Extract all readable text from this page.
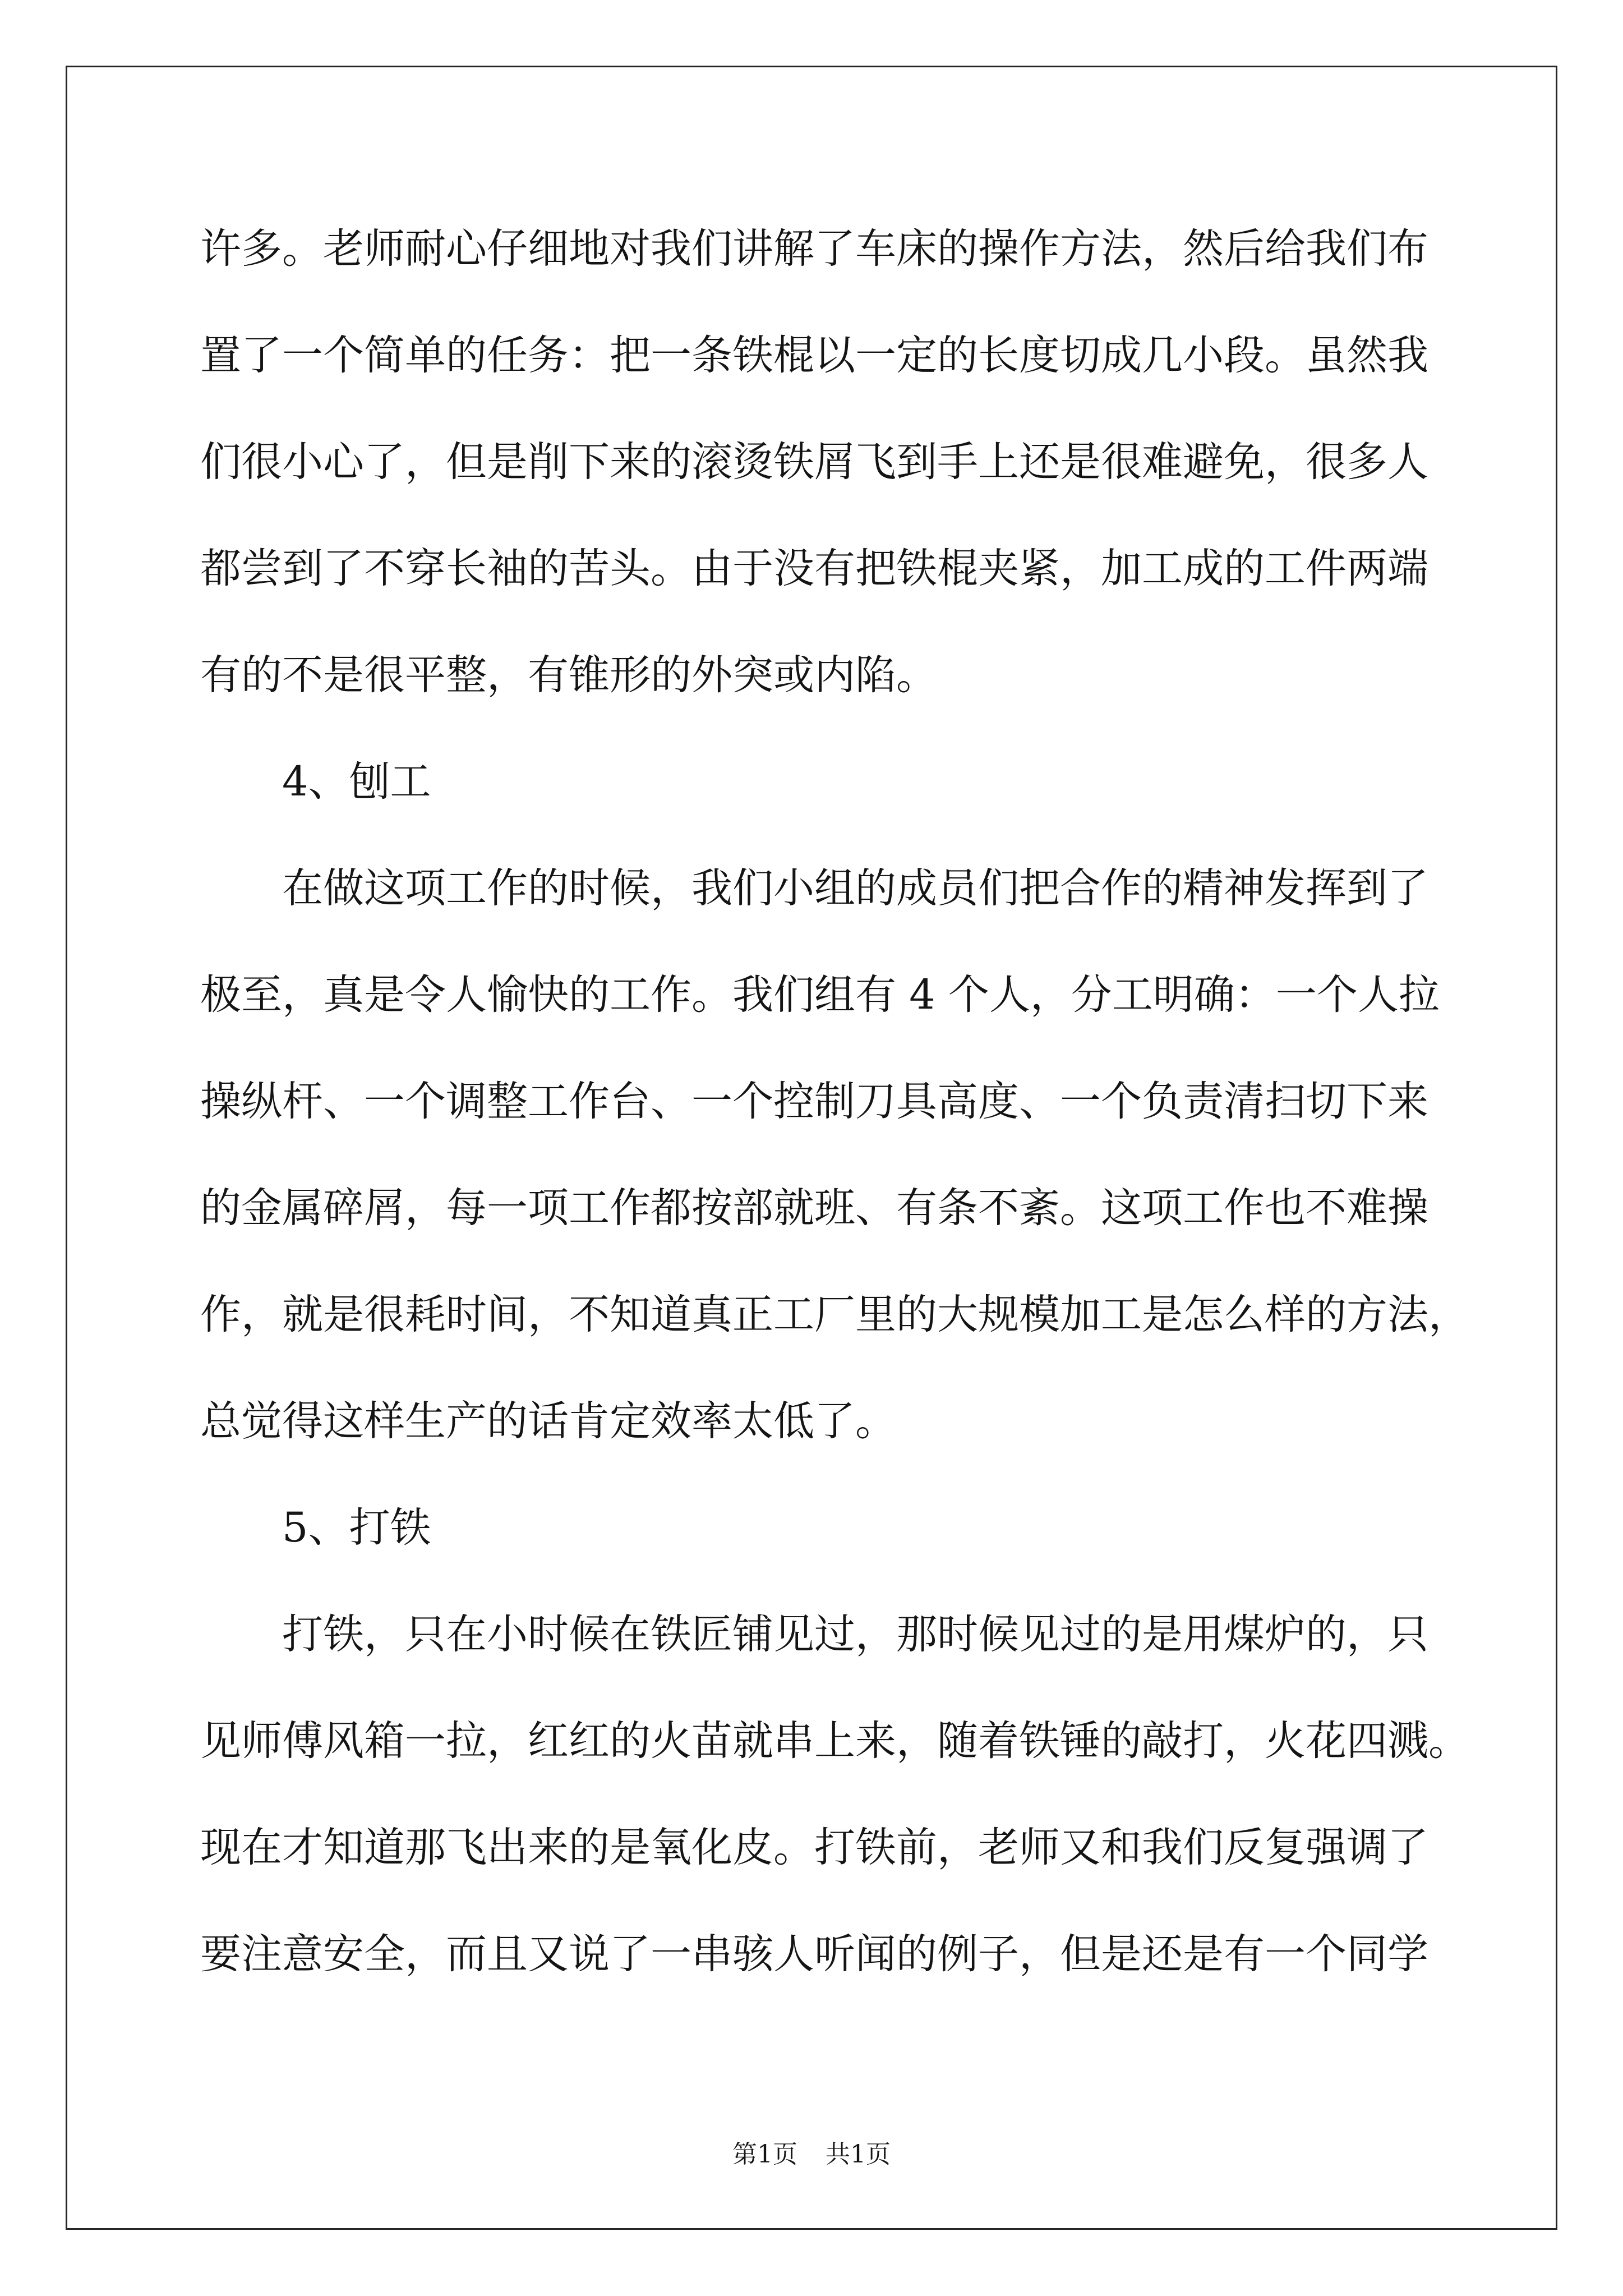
许多。老师耐心仔细地对我们讲解了车床的操作方法，然后给我们布
置了一个简单的任务：把一条铁棍以一定的长度切成几小段。虽然我
们很小心了，但是削下来的滚烫铁屑飞到手上还是很难避免，很多人
都尝到了不穿长袖的苦头。由于没有把铁棍夹紧，加工成的工件两端
有的不是很平整，有锥形的外突或内陷。
4、刨工
在做这项工作的时候，我们小组的成员们把合作的精神发挥到了
极至，真是令人愉快的工作。我们组有 4 个人，分工明确：一个人拉
操纵杆、一个调整工作台、一个控制刀具高度、一个负责清扫切下来
的金属碎屑，每一项工作都按部就班、有条不紊。这项工作也不难操
作，就是很耗时间，不知道真正工厂里的大规模加工是怎么样的方法，
总觉得这样生产的话肯定效率太低了。
5、打铁
打铁，只在小时候在铁匠铺见过，那时候见过的是用煤炉的，只
见师傅风箱一拉，红红的火苗就串上来，随着铁锤的敲打，火花四溅。
现在才知道那飞出来的是氧化皮。打铁前，老师又和我们反复强调了
要注意安全，而且又说了一串骇人听闻的例子，但是还是有一个同学
第1页 共1页
